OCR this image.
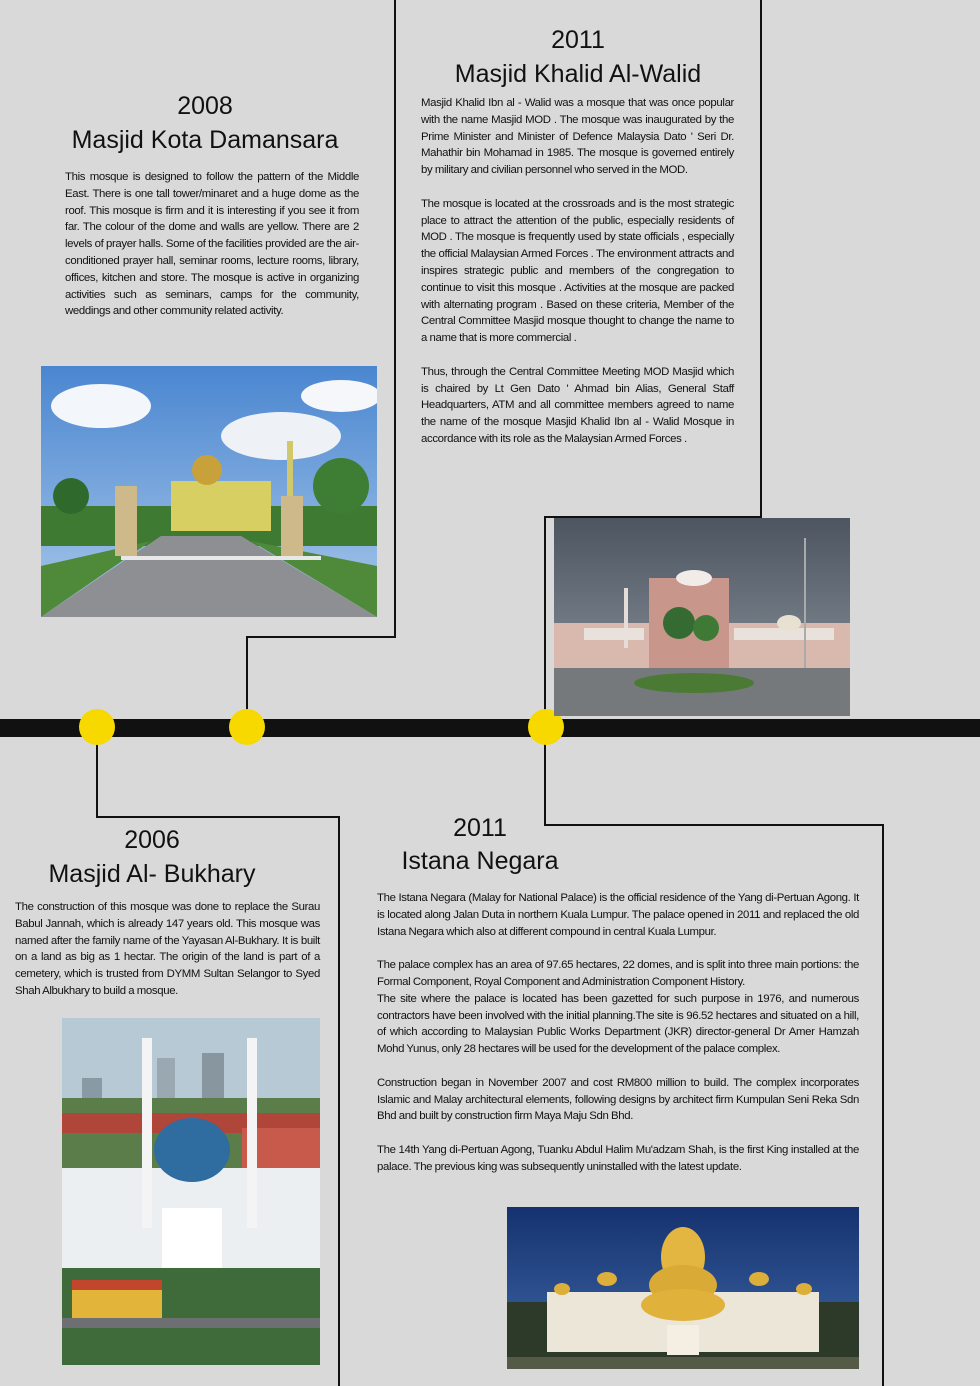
2008
Masjid Kota Damansara

This mosque is designed to follow the pattern of the Middle East. There is one tall tower/minaret and a huge dome as the roof. This mosque is firm and it is interesting if you see it from far. The colour of the dome and walls are yellow. There are 2 levels of prayer halls. Some of the facilities provided are the air-conditioned prayer hall, seminar rooms, lecture rooms, library, offices, kitchen and store. The mosque is active in organizing activities such as seminars, camps for the community, weddings and other community related activity.

2011
Masjid Khalid Al-Walid

Masjid Khalid Ibn al - Walid was a mosque that was once popular with the name Masjid MOD . The mosque was inaugurated by the Prime Minister and Minister of Defence Malaysia Dato ' Seri Dr. Mahathir bin Mohamad in 1985. The mosque is governed entirely by military and civilian personnel who served in the MOD.

The mosque is located at the crossroads and is the most strategic place to attract the attention of the public, especially residents of MOD . The mosque is frequently used by state officials , especially the official Malaysian Armed Forces . The environment attracts and inspires strategic public and members of the congregation to continue to visit this mosque . Activities at the mosque are packed with alternating program . Based on these criteria, Member of the Central Committee Masjid mosque thought to change the name to a name that is more commercial .

Thus, through the Central Committee Meeting MOD Masjid which is chaired by Lt Gen Dato ' Ahmad bin Alias, General Staff Headquarters, ATM and all committee members agreed to name the name of the mosque Masjid Khalid Ibn al - Walid Mosque in accordance with its role as the Malaysian Armed Forces .

2006
Masjid Al- Bukhary

The construction of this mosque was done to replace the Surau Babul Jannah, which is already 147 years old. This mosque was named after the family name of the Yayasan Al-Bukhary. It is built on a land as big as 1 hectar. The origin of the land is part of a cemetery, which is trusted from DYMM Sultan Selangor to Syed Shah Albukhary to build a mosque.

2011
Istana Negara

The Istana Negara (Malay for National Palace) is the official residence of the Yang di-Pertuan Agong. It is located along Jalan Duta in northern Kuala Lumpur. The palace opened in 2011 and replaced the old Istana Negara which also at different compound in central Kuala Lumpur.

The palace complex has an area of 97.65 hectares, 22 domes, and is split into three main portions: the Formal Component, Royal Component and Administration Component History.
The site where the palace is located has been gazetted for such purpose in 1976, and numerous contractors have been involved with the initial planning.The site is 96.52 hectares and situated on a hill, of which according to Malaysian Public Works Department (JKR) director-general Dr Amer Hamzah Mohd Yunus, only 28 hectares will be used for the development of the palace complex.

Construction began in November 2007 and cost RM800 million to build. The complex incorporates Islamic and Malay architectural elements, following designs by architect firm Kumpulan Seni Reka Sdn Bhd and built by construction firm Maya Maju Sdn Bhd.

The 14th Yang di-Pertuan Agong, Tuanku Abdul Halim Mu'adzam Shah, is the first King installed at the palace. The previous king was subsequently uninstalled with the latest update.
